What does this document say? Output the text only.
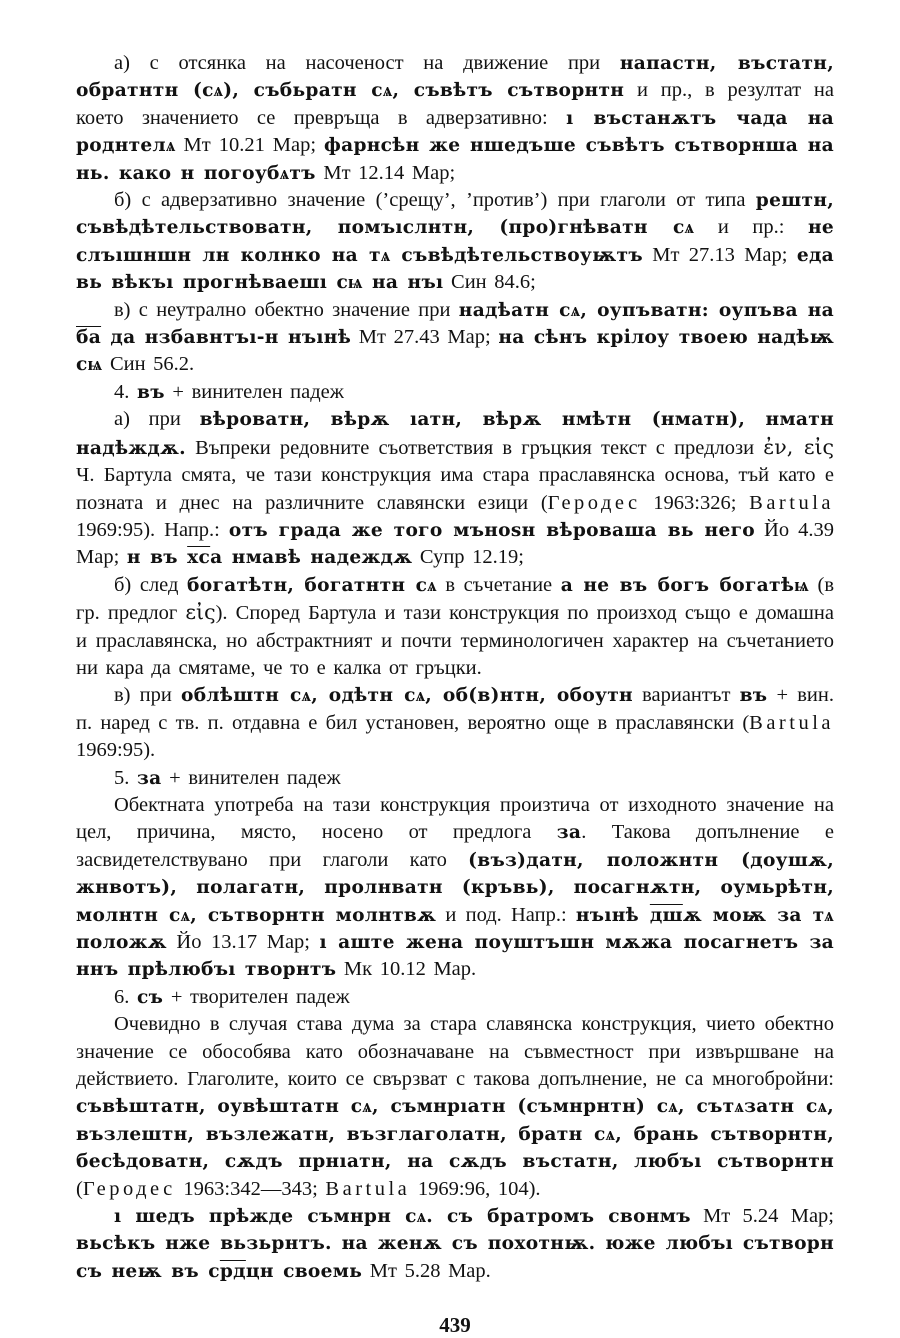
а) с отсянка на насоченост на движение при напастн, въстатн, обратнтн (сѧ), събьратн сѧ, съвѣтъ сътворнтн и пр., в резултат на което значението се превръща в адверзативно: ı въстанѫтъ чада на роднтелѧ Мт 10.21 Мар; фарнсѣн же ншедъше съвѣтъ сътворнша на нь. како н погоубѧтъ Мт 12.14 Мар;

б) с адверзативно значение (’срещу’, ’против’) при глаголи от типа рештн, съвѣдѣтельствоватн, помъıслнтн, (про)гнѣватн сѧ и пр.: не слъıшншн лн колнко на тѧ съвѣдѣтельствоуѭтъ Мт 27.13 Мар; еда вь вѣкъı прогнѣваешı сѩ на нъı Син 84.6;

в) с неутрално обектно значение при надѣатн сѧ, оупъватн: оупъва на ба да нзбавнтъı-н нъıнѣ Мт 27.43 Мар; на сѣнъ крілоу твоею надѣѭ сѩ Син 56.2.

4. въ + винителен падеж

а) при вѣроватн, вѣрѫ ıатн, вѣрѫ нмѣтн (нматн), нматн надѣждѫ. Въпреки редовните съответствия в гръцкия текст с предлози ἐν, εἰς Ч. Бартула смята, че тази конструкция има стара праславянска основа, тъй като е позната и днес на различните славянски езици (Геродес 1963:326; Bartula 1969:95). Напр.: отъ града же того мъноѕн вѣроваша вь него Йо 4.39 Мар; н въ хса нмавѣ надеждѫ Супр 12.19;

б) след богатѣтн, богатнтн сѧ в съчетание а не въ богъ богатѣѩ (в гр. предлог εἰς). Според Бартула и тази конструкция по произход също е домашна и праславянска, но абстрактният и почти терминологичен характер на съчетанието ни кара да смятаме, че то е калка от гръцки.

в) при облѣштн сѧ, одѣтн сѧ, об(в)нтн, обоутн вариантът въ + вин. п. наред с тв. п. отдавна е бил установен, вероятно още в праславянски (Bartula 1969:95).

5. за + винителен падеж

Обектната употреба на тази конструкция произтича от изходното значение на цел, причина, място, носено от предлога за. Такова допълнение е засвидетелствувано при глаголи като (въз)датн, положнтн (доушѫ, жнвотъ), полагатн, пролнватн (кръвь), посагнѫтн, оумьрѣтн, молнтн сѧ, сътворнтн молнтвѫ и под. Напр.: нъıнѣ дшѫ моѭ за тѧ положѫ Йо 13.17 Мар; ı аште жена поуштъшн мѫжа посагнетъ за ннъ прѣлюбъı творнтъ Мк 10.12 Мар.

6. съ + творителен падеж

Очевидно в случая става дума за стара славянска конструкция, чието обектно значение се обособява като обозначаване на съвместност при извършване на действието. Глаголите, които се свързват с такова допълнение, не са многобройни: съвѣштатн, оувѣштатн сѧ, съмнрıатн (съмнрнтн) сѧ, сътѧзатн сѧ, възлештн, възлежатн, възглаголатн, братн сѧ, брань сътворнтн, бесѣдоватн, сѫдъ прнıатн, на сѫдъ въстатн, любъı сътворнтн (Геродес 1963:342—343; Bartula 1969:96, 104).

ı шедъ прѣжде съмнрн сѧ. съ братромъ свонмъ Мт 5.24 Мар; вьсѣкъ нже вьзьрнтъ. на женѫ съ похотнѭ. юже любъı сътворн съ неѭ въ срдцн своемь Мт 5.28 Мар.

439
